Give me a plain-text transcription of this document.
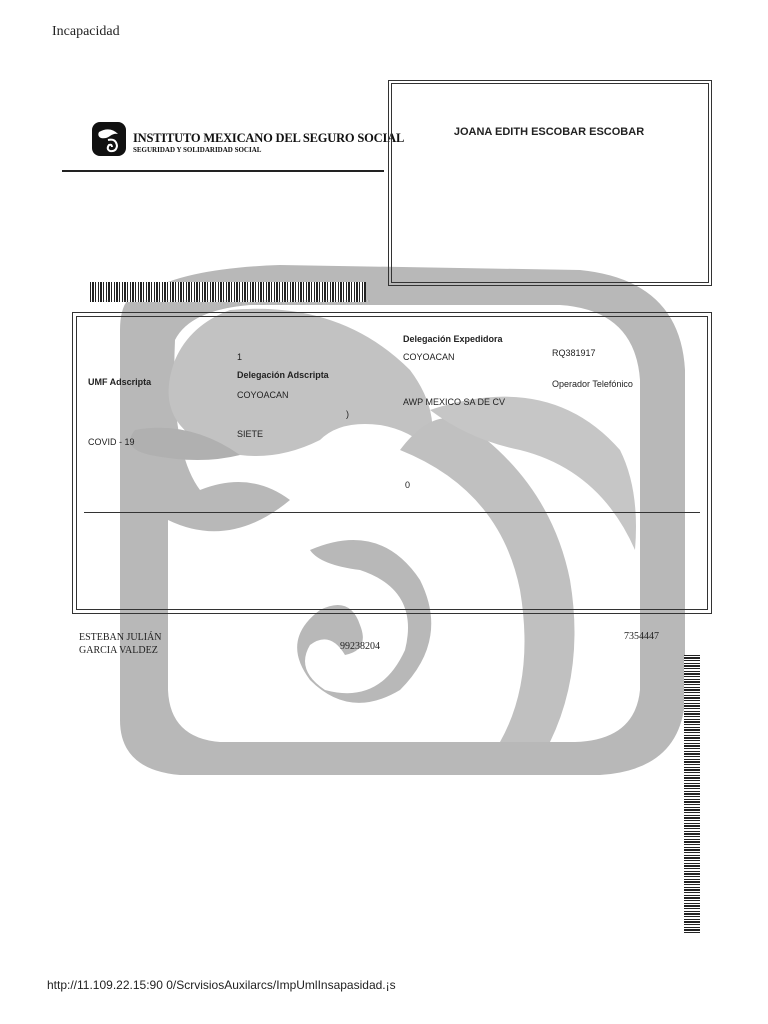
Incapacidad
INSTITUTO MEXICANO DEL SEGURO SOCIAL
SEGURIDAD Y SOLIDARIDAD SOCIAL
JOANA EDITH ESCOBAR ESCOBAR
UMF Adscripta
1
Delegación Adscripta
COYOACAN
)
SIETE
COVID - 19
Delegación Expedidora
COYOACAN
AWP MEXICO SA DE CV
0
RQ381917
Operador Telefónico
ESTEBAN JULIÁN
GARCIA VALDEZ	99238204
7354447
http://11.109.22.15:90 0/ScrvisiosAuxilarcs/ImpUmlInsapasidad.¡s
